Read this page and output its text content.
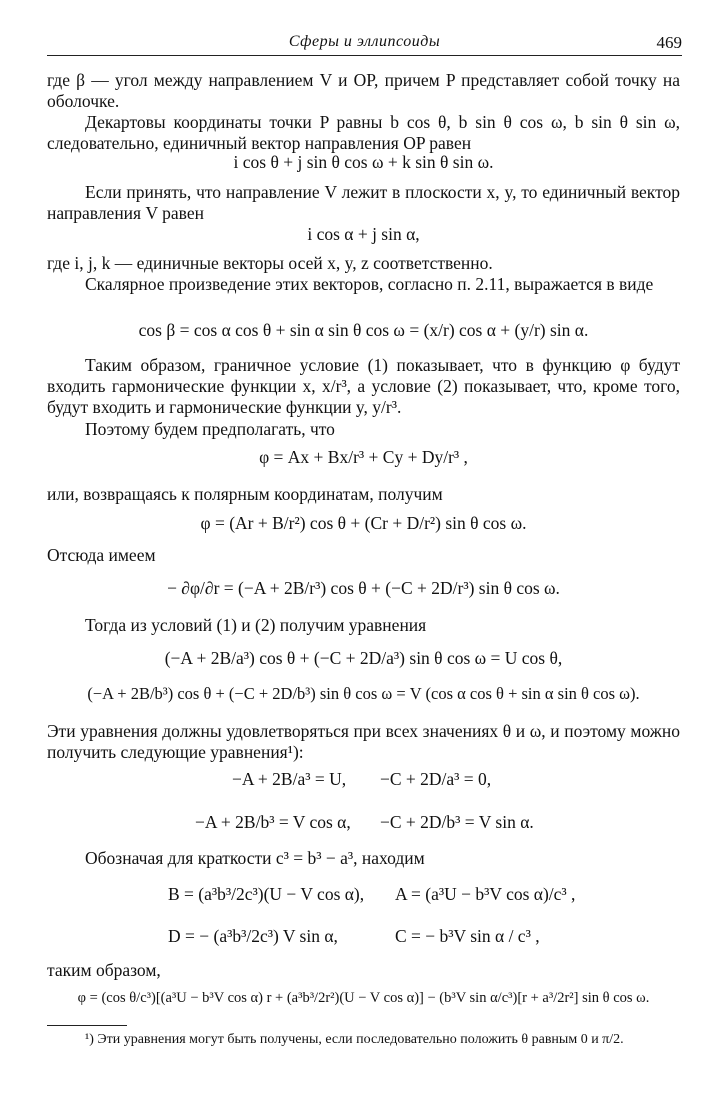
Сферы и эллипсоиды	469

где β — угол между направлением V и OP, причем P представляет собой точку на оболочке.

Декартовы координаты точки P равны b cos θ, b sin θ cos ω, b sin θ sin ω, следовательно, единичный вектор направления OP равен

i cos θ + j sin θ cos ω + k sin θ sin ω.

Если принять, что направление V лежит в плоскости x, y, то единичный вектор направления V равен

i cos α + j sin α,

где i, j, k — единичные векторы осей x, y, z соответственно.

Скалярное произведение этих векторов, согласно п. 2.11, выражается в виде

cos β = cos α cos θ + sin α sin θ cos ω = (x/r) cos α + (y/r) sin α.

Таким образом, граничное условие (1) показывает, что в функцию φ будут входить гармонические функции x, x/r³, а условие (2) показывает, что, кроме того, будут входить и гармонические функции y, y/r³.

Поэтому будем предполагать, что

φ = Ax + Bx/r³ + Cy + Dy/r³ ,

или, возвращаясь к полярным координатам, получим

φ = (Ar + B/r²) cos θ + (Cr + D/r²) sin θ cos ω.

Отсюда имеем

− ∂φ/∂r = (−A + 2B/r³) cos θ + (−C + 2D/r³) sin θ cos ω.

Тогда из условий (1) и (2) получим уравнения

(−A + 2B/a³) cos θ + (−C + 2D/a³) sin θ cos ω = U cos θ,
(−A + 2B/b³) cos θ + (−C + 2D/b³) sin θ cos ω = V (cos α cos θ + sin α sin θ cos ω).

Эти уравнения должны удовлетворяться при всех значениях θ и ω, и поэтому можно получить следующие уравнения¹):

−A + 2B/a³ = U, −C + 2D/a³ = 0,
−A + 2B/b³ = V cos α, −C + 2D/b³ = V sin α.

Обозначая для краткости c³ = b³ − a³, находим

B = (a³b³/2c³)(U − V cos α), A = (a³U − b³V cos α)/c³ ,
D = − (a³b³/2c³) V sin α,	C = − b³V sin α / c³ ,

таким образом,

φ = (cos θ/c³)[(a³U − b³V cos α) r + (a³b³/2r²)(U − V cos α)] − (b³V sin α/c³)[r + a³/2r²] sin θ cos ω.

¹) Эти уравнения могут быть получены, если последовательно положить θ равным 0 и π/2.
